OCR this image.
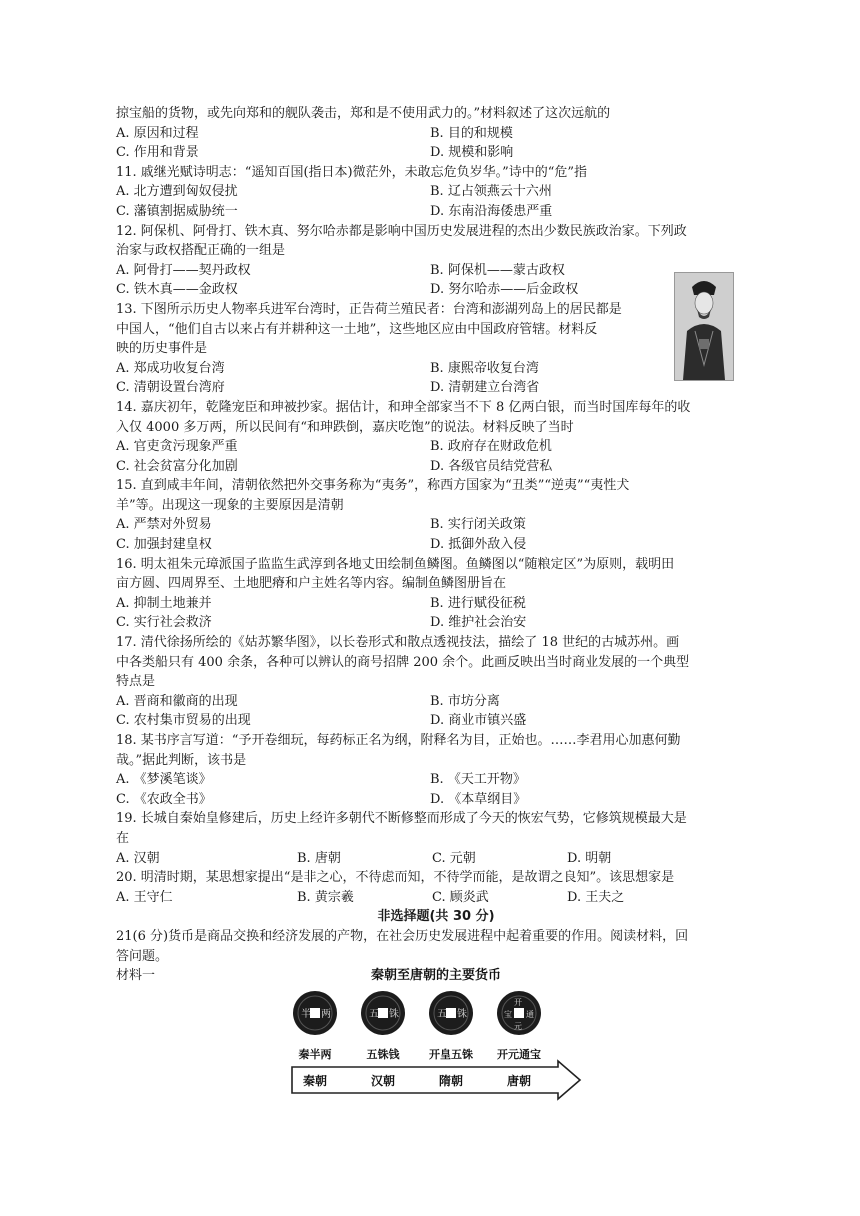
掠宝船的货物，或先向郑和的舰队袭击，郑和是不使用武力的。”材料叙述了这次远航的
A. 原因和过程	B. 目的和规模
C. 作用和背景	D. 规模和影响
11. 戚继光赋诗明志：“遥知百国(指日本)微茫外，未敢忘危负岁华。”诗中的“危”指
A. 北方遭到匈奴侵扰	B. 辽占领燕云十六州
C. 藩镇割据威胁统一	D. 东南沿海倭患严重
12. 阿保机、阿骨打、铁木真、努尔哈赤都是影响中国历史发展进程的杰出少数民族政治家。下列政
治家与政权搭配正确的一组是
A. 阿骨打——契丹政权	B. 阿保机——蒙古政权
C. 铁木真——金政权	D. 努尔哈赤——后金政权
13. 下图所示历史人物率兵进军台湾时，正告荷兰殖民者：台湾和澎湖列岛上的居民都是
中国人，“他们自古以来占有并耕种这一土地”，这些地区应由中国政府管辖。材料反
映的历史事件是
A. 郑成功收复台湾	B. 康熙帝收复台湾
C. 清朝设置台湾府	D. 清朝建立台湾省
14. 嘉庆初年，乾隆宠臣和珅被抄家。据估计，和珅全部家当不下 8 亿两白银，而当时国库每年的收
入仅 4000 多万两，所以民间有“和珅跌倒，嘉庆吃饱”的说法。材料反映了当时
A. 官吏贪污现象严重	B. 政府存在财政危机
C. 社会贫富分化加剧	D. 各级官员结党营私
15. 直到咸丰年间，清朝依然把外交事务称为“夷务”，称西方国家为“丑类”“逆夷”“夷性犬
羊”等。出现这一现象的主要原因是清朝
A. 严禁对外贸易	B. 实行闭关政策
C. 加强封建皇权	D. 抵御外敌入侵
16. 明太祖朱元璋派国子监监生武淳到各地丈田绘制鱼鳞图。鱼鳞图以“随粮定区”为原则，载明田
亩方圆、四周界至、土地肥瘠和户主姓名等内容。编制鱼鳞图册旨在
A. 抑制土地兼并	B. 进行赋役征税
C. 实行社会救济	D. 维护社会治安
17. 清代徐扬所绘的《姑苏繁华图》，以长卷形式和散点透视技法，描绘了 18 世纪的古城苏州。画
中各类船只有 400 余条，各种可以辨认的商号招牌 200 余个。此画反映出当时商业发展的一个典型
特点是
A. 晋商和徽商的出现	B. 市坊分离
C. 农村集市贸易的出现	D. 商业市镇兴盛
18. 某书序言写道：“予开卷细玩，每药标正名为纲，附释名为目，正始也。……李君用心加惠何勤
哉。”据此判断，该书是
A. 《梦溪笔谈》	B. 《天工开物》
C. 《农政全书》	D. 《本草纲目》
19. 长城自秦始皇修建后，历史上经许多朝代不断修整而形成了今天的恢宏气势，它修筑规模最大是
在
A. 汉朝	B. 唐朝	C. 元朝	D. 明朝
20. 明清时期，某思想家提出“是非之心，不待虑而知，不待学而能，是故谓之良知”。该思想家是
A. 王守仁	B. 黄宗羲	C. 顾炎武	D. 王夫之
非选择题(共 30 分)
21(6 分)货币是商品交换和经济发展的产物，在社会历史发展进程中起着重要的作用。阅读材料，回
答问题。
材料一	秦朝至唐朝的主要货币
半 两	五 铢	五 铢
开
元
通
宝
秦半两	五铢钱	开皇五铢 开元通宝
秦朝	汉朝	隋朝	唐朝
